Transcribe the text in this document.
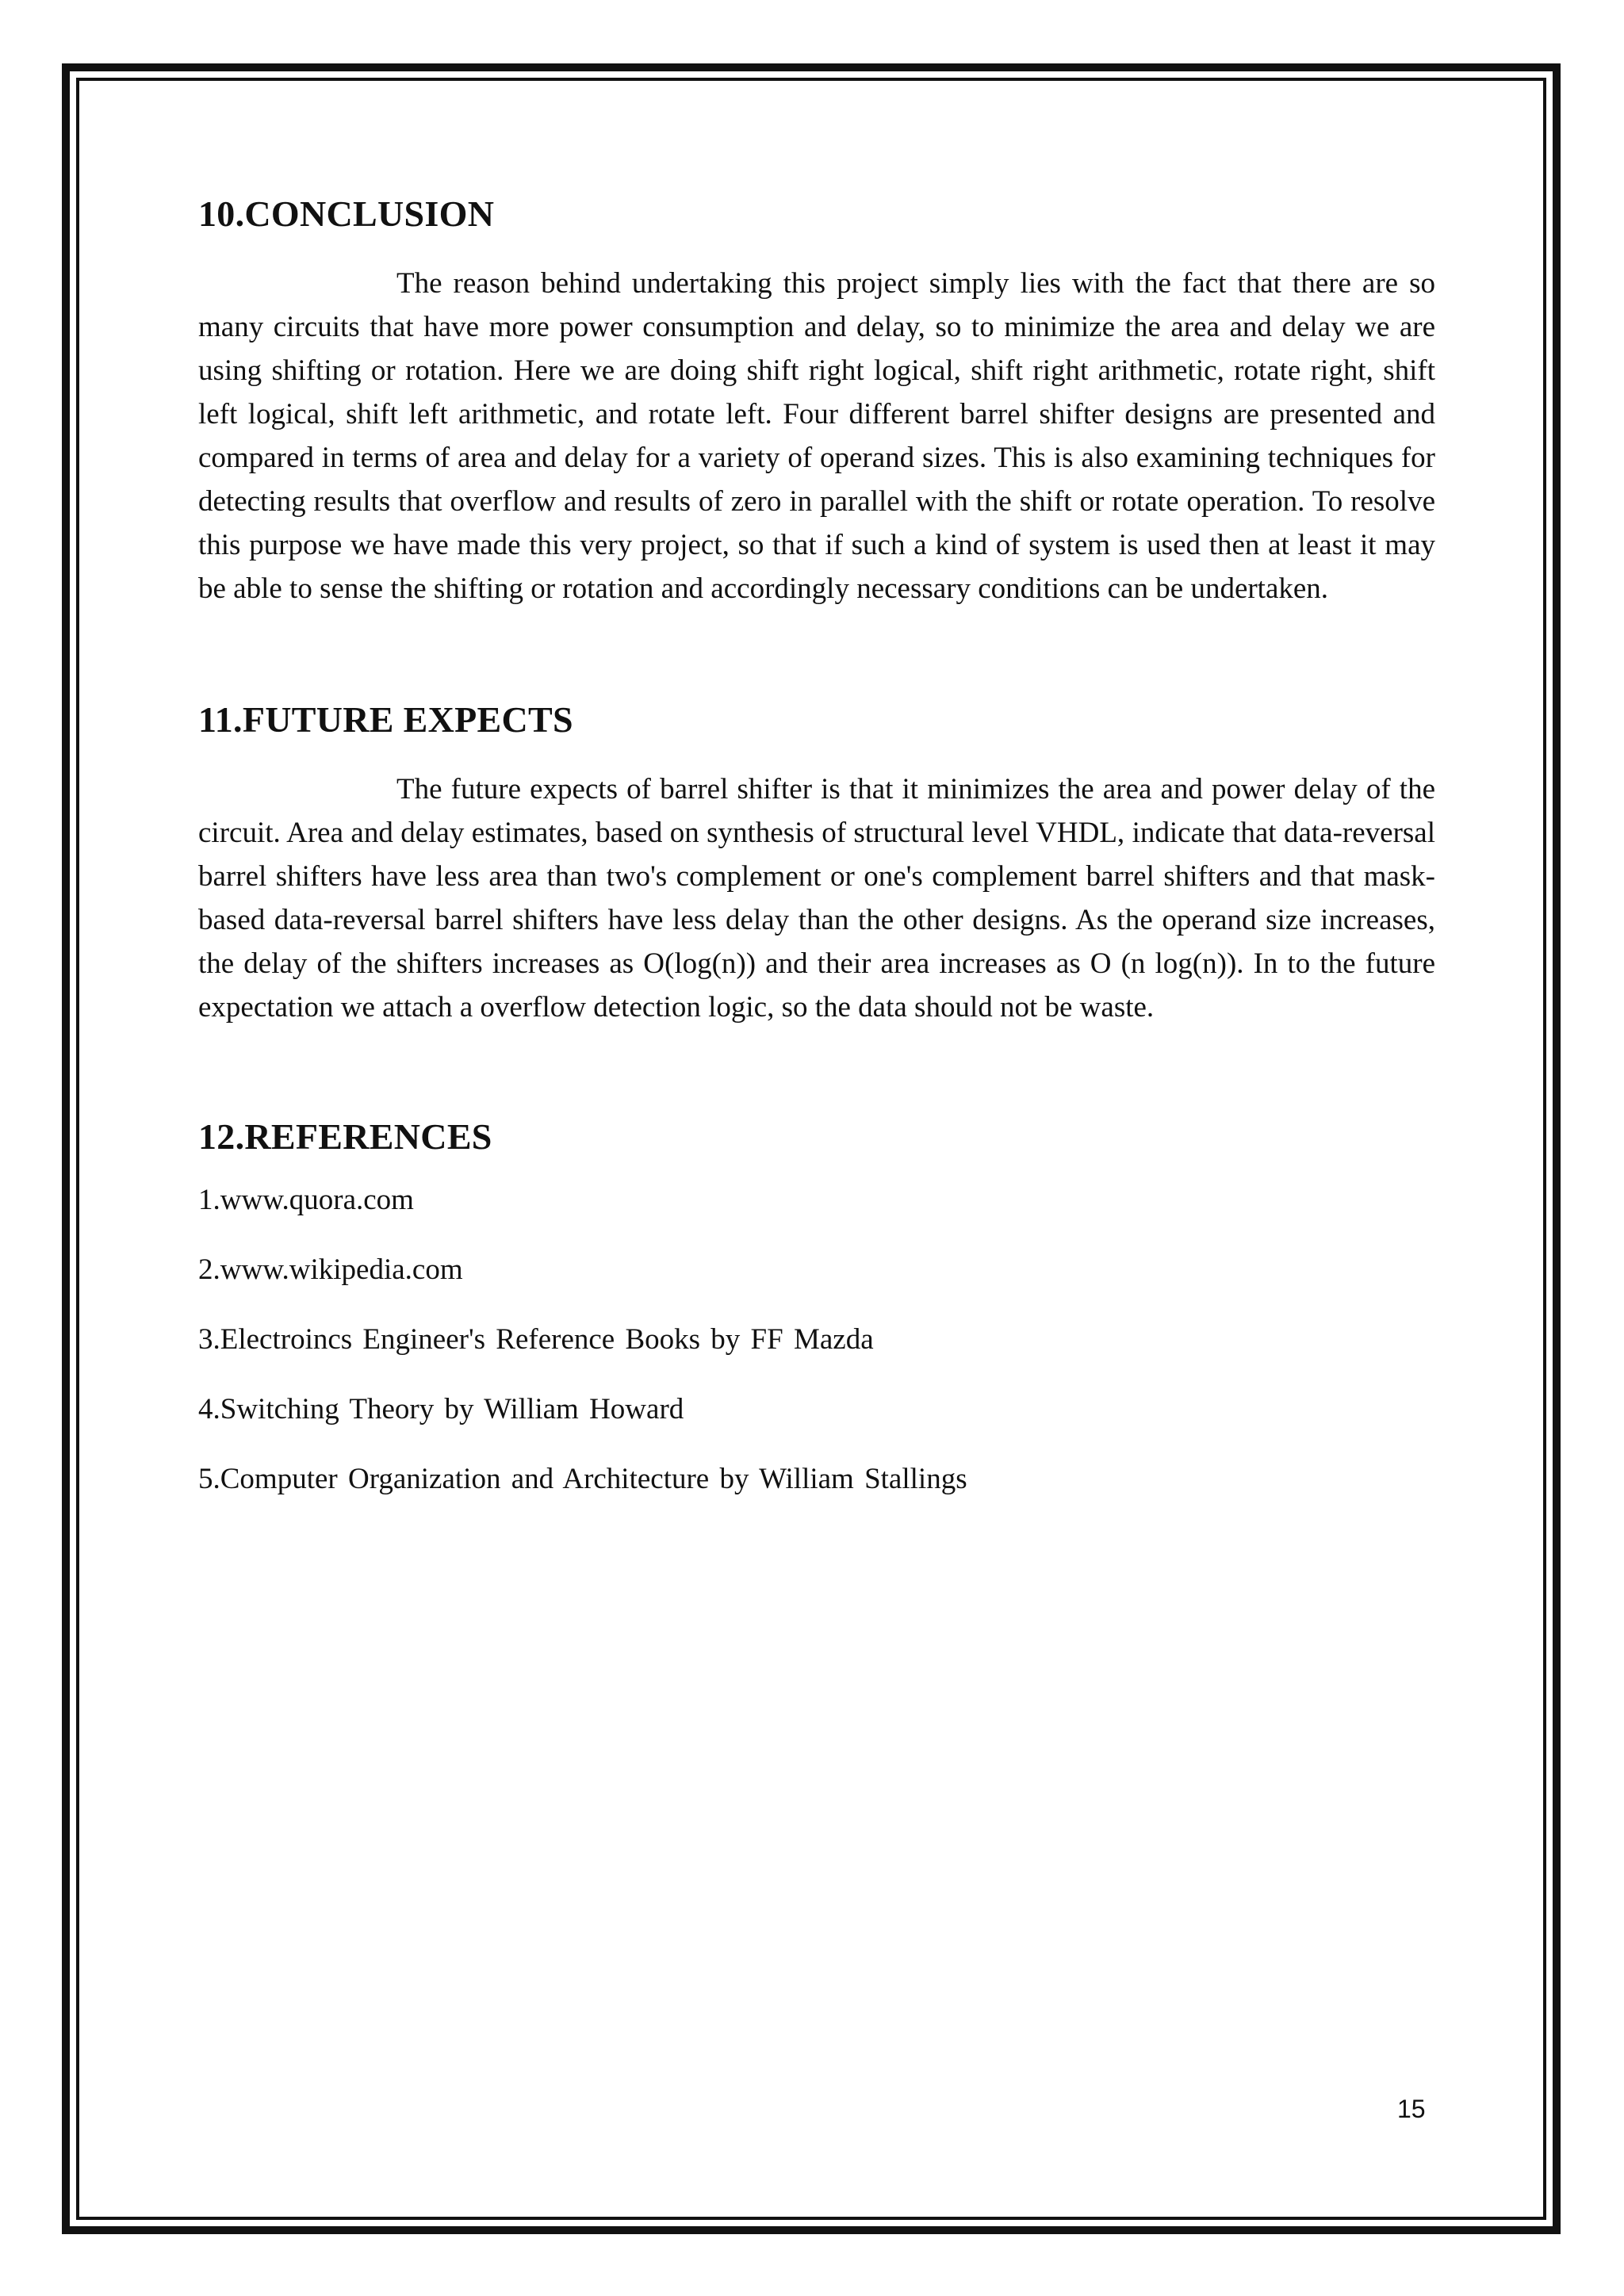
10.CONCLUSION

The reason behind undertaking this project simply lies with the fact that there are so many circuits that have more power consumption and delay, so to minimize the area and delay we are using shifting or rotation. Here we are doing shift right logical, shift right arithmetic, rotate right, shift left logical, shift left arithmetic, and rotate left. Four different barrel shifter designs are presented and compared in terms of area and delay for a variety of operand sizes. This is also examining techniques for detecting results that overflow and results of zero in parallel with the shift or rotate operation. To resolve this purpose we have made this very project, so that if such a kind of system is used then at least it may be able to sense the shifting or rotation and accordingly necessary conditions can be undertaken.

11.FUTURE EXPECTS

The future expects of barrel shifter is that it minimizes the area and power delay of the circuit. Area and delay estimates, based on synthesis of structural level VHDL, indicate that data-reversal barrel shifters have less area than two's complement or one's complement barrel shifters and that mask-based data-reversal barrel shifters have less delay than the other designs. As the operand size increases, the delay of the shifters increases as O(log(n)) and their area increases as O (n log(n)). In to the future expectation we attach a overflow detection logic, so the data should not be waste.

12.REFERENCES
1.www.quora.com
2.www.wikipedia.com
3.Electroincs Engineer's Reference Books by FF Mazda
4.Switching Theory by William Howard
5.Computer Organization and Architecture by William Stallings
15
